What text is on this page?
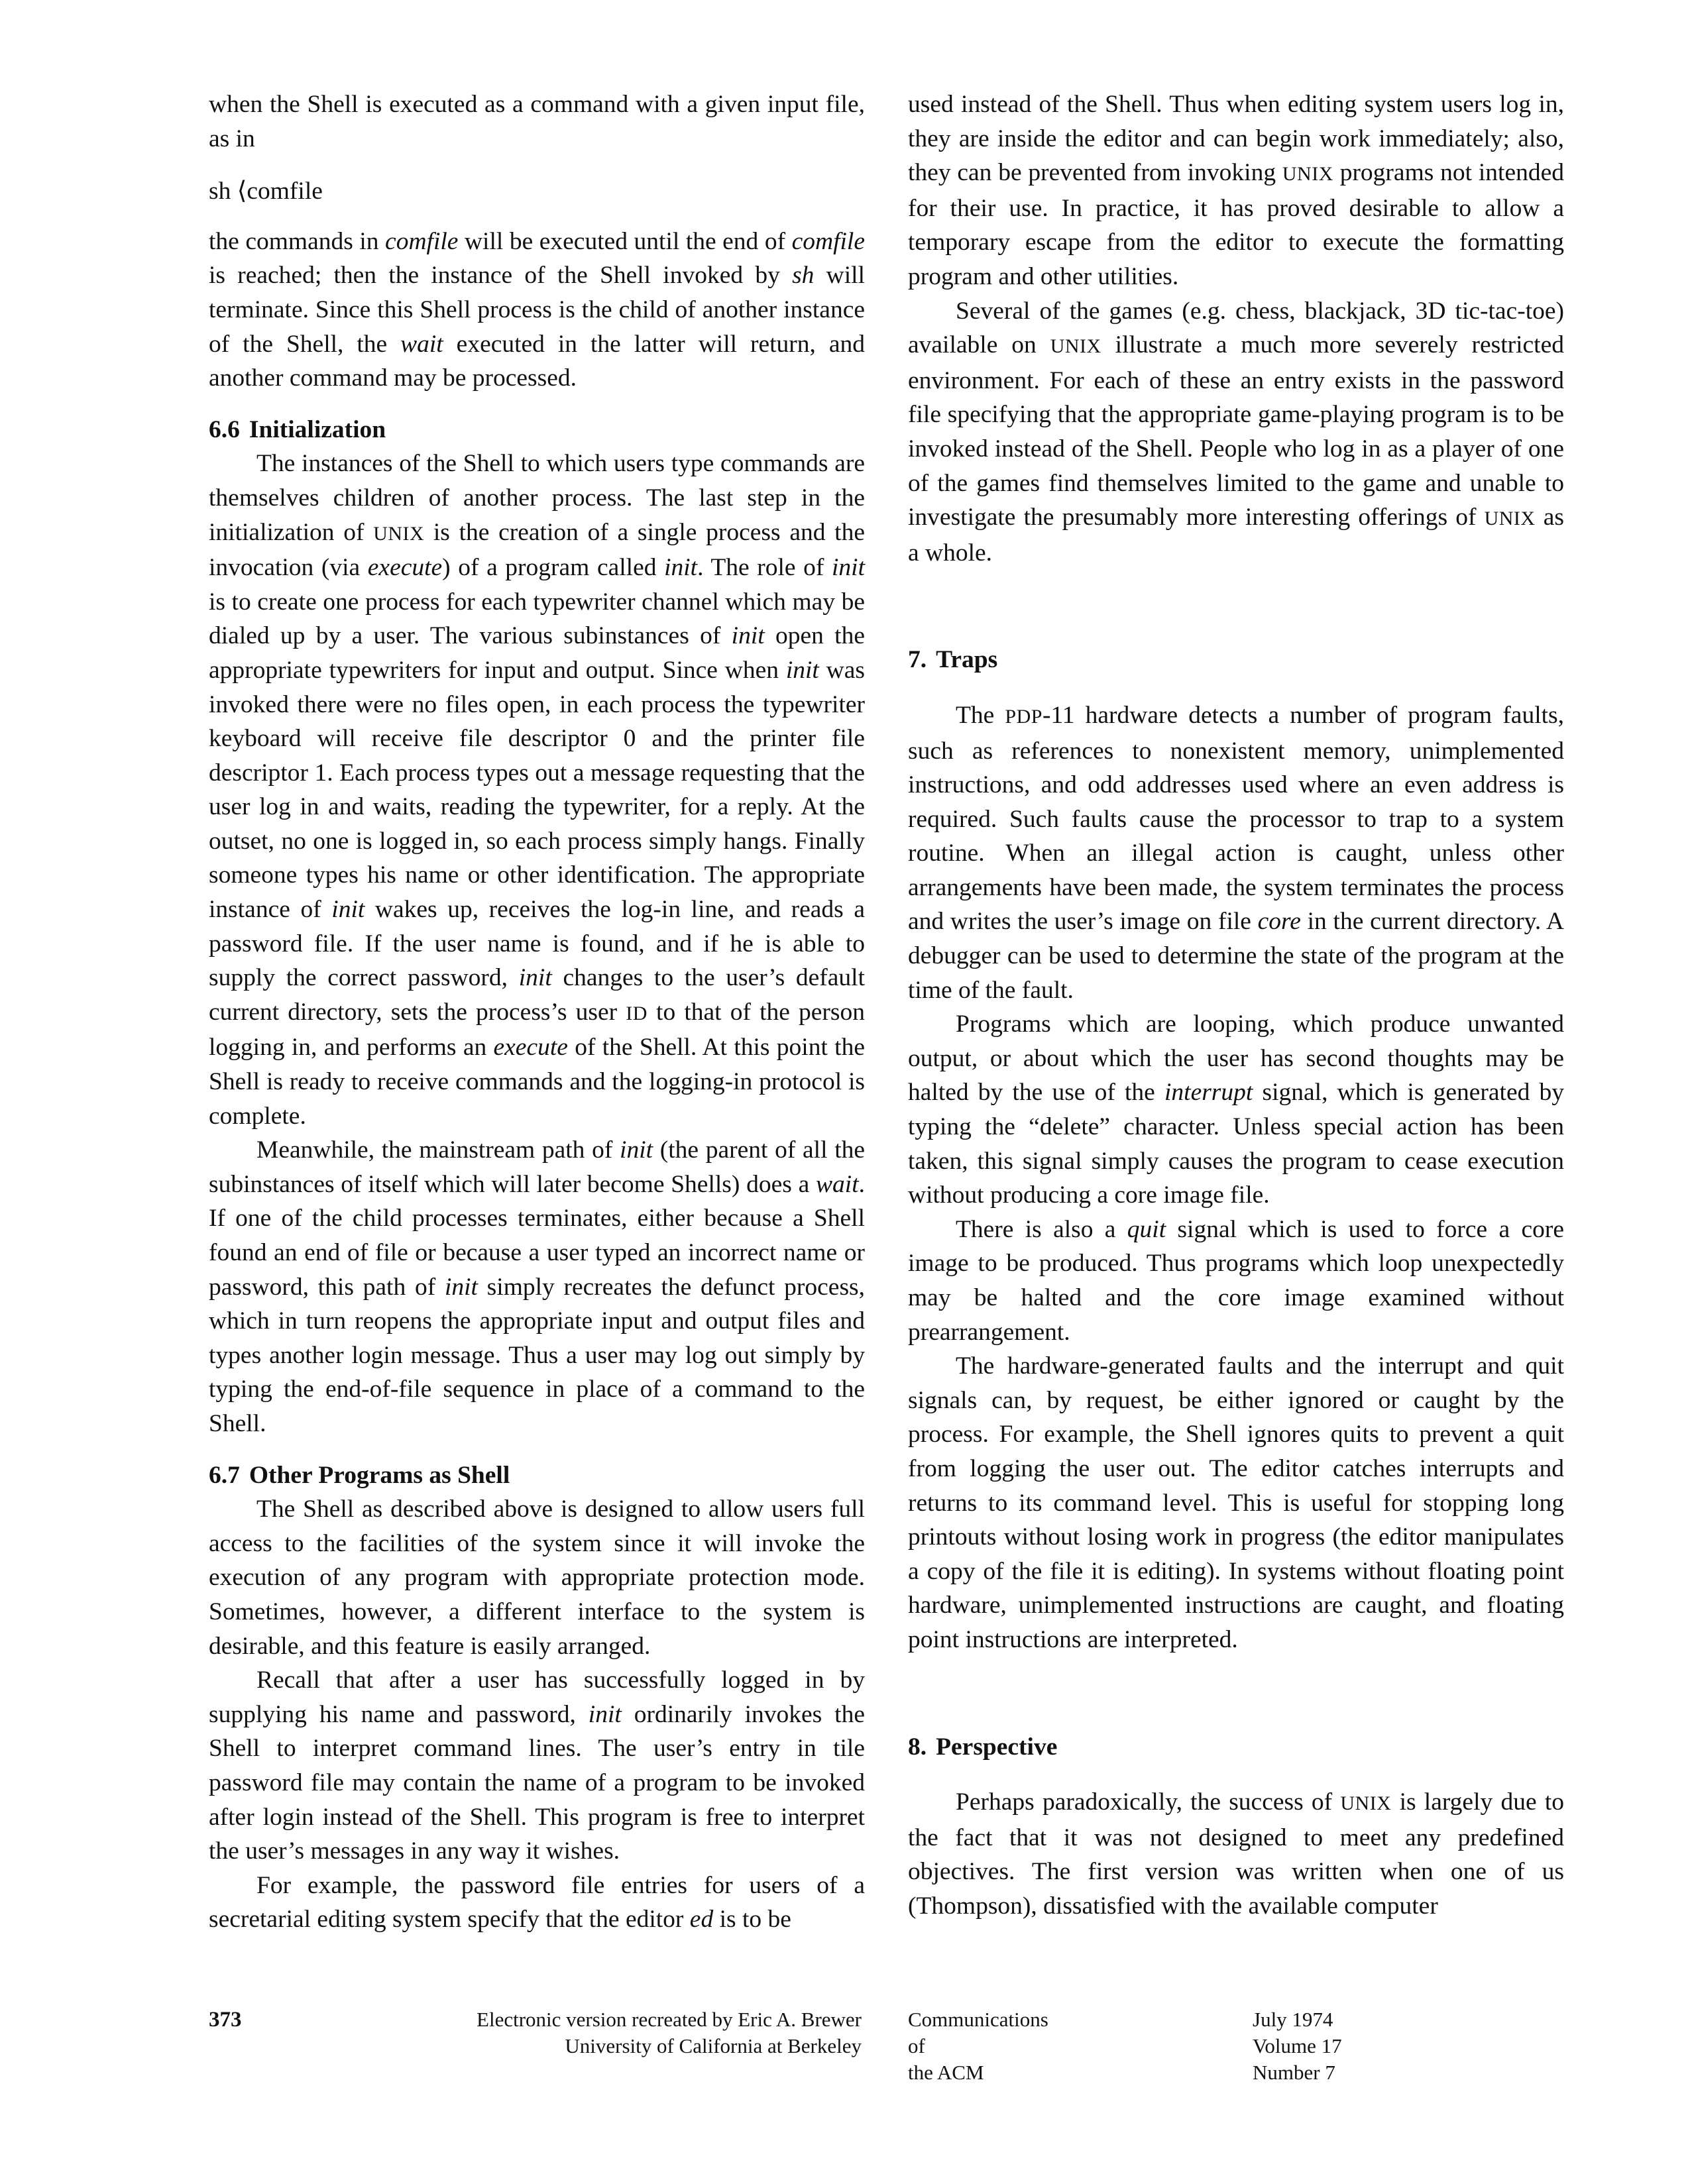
when the Shell is executed as a command with a given input file, as in

sh ⟨comfile

the commands in comfile will be executed until the end of comfile is reached; then the instance of the Shell invoked by sh will terminate. Since this Shell process is the child of another instance of the Shell, the wait executed in the latter will return, and another command may be processed.

6.6 Initialization

The instances of the Shell to which users type commands are themselves children of another process. The last step in the initialization of UNIX is the creation of a single process and the invocation (via execute) of a program called init. The role of init is to create one process for each typewriter channel which may be dialed up by a user. The various subinstances of init open the appropriate typewriters for input and output. Since when init was invoked there were no files open, in each process the typewriter keyboard will receive file descriptor 0 and the printer file descriptor 1. Each process types out a message requesting that the user log in and waits, reading the typewriter, for a reply. At the outset, no one is logged in, so each process simply hangs. Finally someone types his name or other identification. The appropriate instance of init wakes up, receives the log-in line, and reads a password file. If the user name is found, and if he is able to supply the correct password, init changes to the user’s default current directory, sets the process’s user ID to that of the person logging in, and performs an execute of the Shell. At this point the Shell is ready to receive commands and the logging-in protocol is complete.

Meanwhile, the mainstream path of init (the parent of all the subinstances of itself which will later become Shells) does a wait. If one of the child processes terminates, either because a Shell found an end of file or because a user typed an incorrect name or password, this path of init simply recreates the defunct process, which in turn reopens the appropriate input and output files and types another login message. Thus a user may log out simply by typing the end-of-file sequence in place of a command to the Shell.

6.7 Other Programs as Shell

The Shell as described above is designed to allow users full access to the facilities of the system since it will invoke the execution of any program with appropriate protection mode. Sometimes, however, a different interface to the system is desirable, and this feature is easily arranged.

Recall that after a user has successfully logged in by supplying his name and password, init ordinarily invokes the Shell to interpret command lines. The user’s entry in tile password file may contain the name of a program to be invoked after login instead of the Shell. This program is free to interpret the user’s messages in any way it wishes.

For example, the password file entries for users of a secretarial editing system specify that the editor ed is to be

used instead of the Shell. Thus when editing system users log in, they are inside the editor and can begin work immediately; also, they can be prevented from invoking UNIX programs not intended for their use. In practice, it has proved desirable to allow a temporary escape from the editor to execute the formatting program and other utilities.

Several of the games (e.g. chess, blackjack, 3D tic-tac-toe) available on UNIX illustrate a much more severely restricted environment. For each of these an entry exists in the password file specifying that the appropriate game-playing program is to be invoked instead of the Shell. People who log in as a player of one of the games find themselves limited to the game and unable to investigate the presumably more interesting offerings of UNIX as a whole.

7. Traps

The PDP-11 hardware detects a number of program faults, such as references to nonexistent memory, unimplemented instructions, and odd addresses used where an even address is required. Such faults cause the processor to trap to a system routine. When an illegal action is caught, unless other arrangements have been made, the system terminates the process and writes the user’s image on file core in the current directory. A debugger can be used to determine the state of the program at the time of the fault.

Programs which are looping, which produce unwanted output, or about which the user has second thoughts may be halted by the use of the interrupt signal, which is generated by typing the “delete” character. Unless special action has been taken, this signal simply causes the program to cease execution without producing a core image file.

There is also a quit signal which is used to force a core image to be produced. Thus programs which loop unexpectedly may be halted and the core image examined without prearrangement.

The hardware-generated faults and the interrupt and quit signals can, by request, be either ignored or caught by the process. For example, the Shell ignores quits to prevent a quit from logging the user out. The editor catches interrupts and returns to its command level. This is useful for stopping long printouts without losing work in progress (the editor manipulates a copy of the file it is editing). In systems without floating point hardware, unimplemented instructions are caught, and floating point instructions are interpreted.

8. Perspective

Perhaps paradoxically, the success of UNIX is largely due to the fact that it was not designed to meet any predefined objectives. The first version was written when one of us (Thompson), dissatisfied with the available computer

373	Electronic version recreated by Eric A. Brewer
University of California at Berkeley
Communications
of
the ACM
July 1974
Volume 17
Number 7
